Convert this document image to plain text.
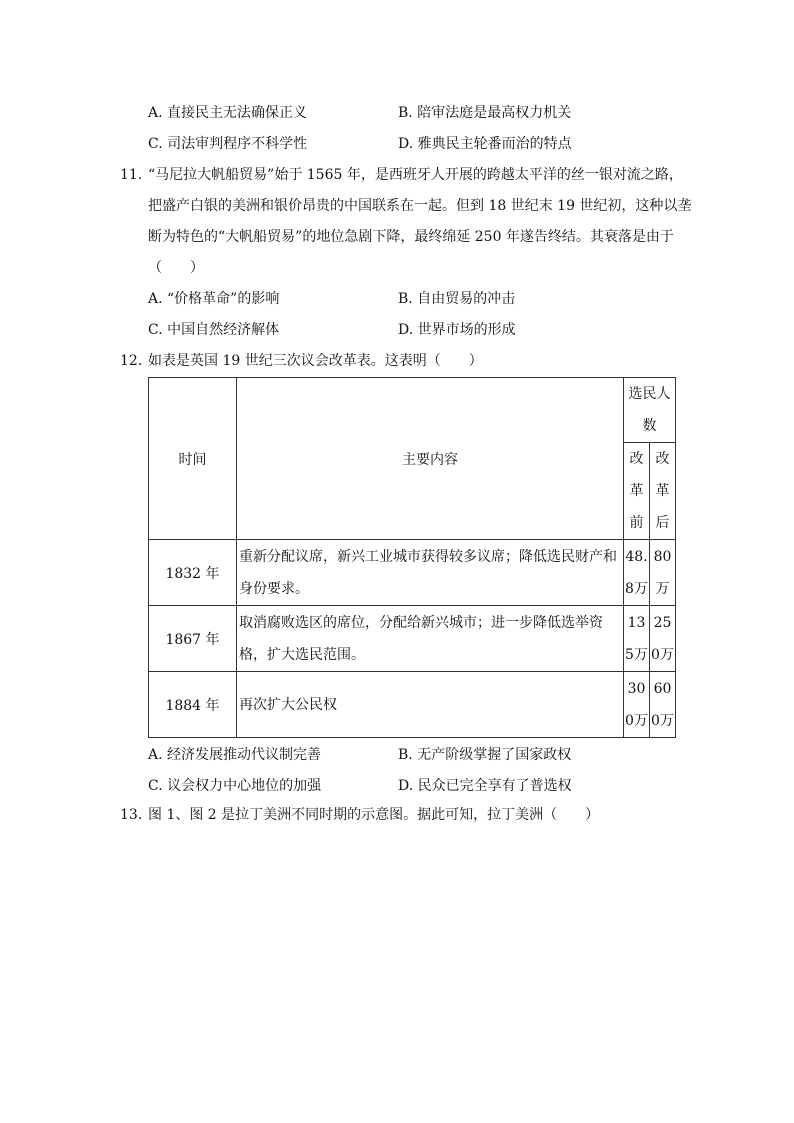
A. 直接民主无法确保正义	B. 陪审法庭是最高权力机关
C. 司法审判程序不科学性	D. 雅典民主轮番而治的特点
11. “马尼拉大帆船贸易”始于 1565 年，是西班牙人开展的跨越太平洋的丝一银对流之路，
把盛产白银的美洲和银价昂贵的中国联系在一起。但到 18 世纪末 19 世纪初，这种以垄
断为特色的“大帆船贸易”的地位急剧下降，最终绵延 250 年遂告终结。其衰落是由于
（　　）
A. “价格革命”的影响	B. 自由贸易的冲击
C. 中国自然经济解体	D. 世界市场的形成
12. 如表是英国 19 世纪三次议会改革表。这表明（　　）
时间	主要内容	选民人数	
		改革前	改革后
1832 年	重新分配议席，新兴工业城市获得较多议席；降低选民财产和身份要求。	48.8万	80万
1867 年	取消腐败选区的席位，分配给新兴城市；进一步降低选举资格，扩大选民范围。	135万	250万
1884 年	再次扩大公民权	300万	600万
A. 经济发展推动代议制完善	B. 无产阶级掌握了国家政权
C. 议会权力中心地位的加强	D. 民众已完全享有了普选权
13. 图 1、图 2 是拉丁美洲不同时期的示意图。据此可知，拉丁美洲（　　）
